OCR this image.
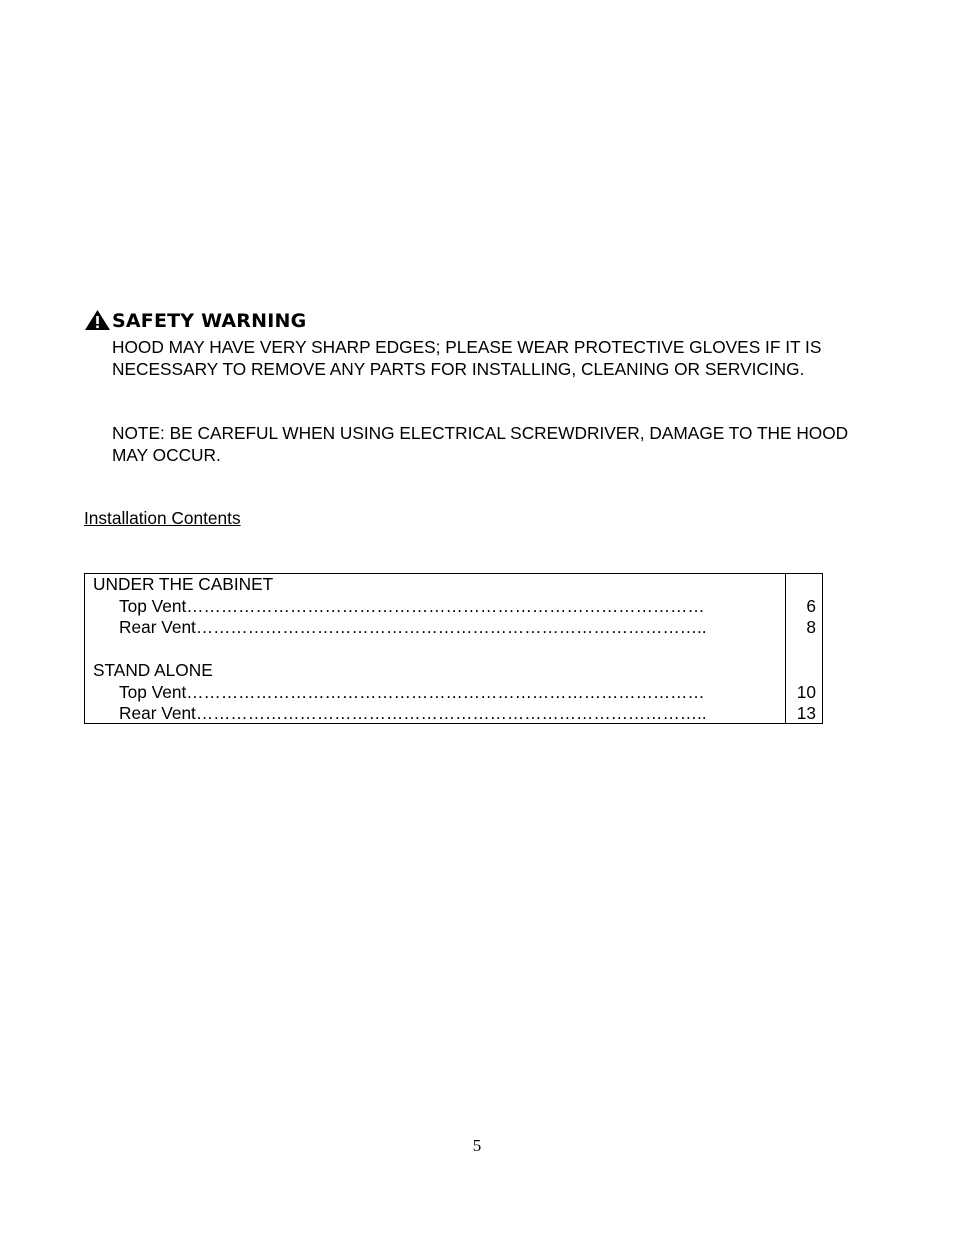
SAFETY WARNING

HOOD MAY HAVE VERY SHARP EDGES; PLEASE WEAR PROTECTIVE GLOVES IF IT IS NECESSARY TO REMOVE ANY PARTS FOR INSTALLING, CLEANING OR SERVICING.

NOTE: BE CAREFUL WHEN USING ELECTRICAL SCREWDRIVER, DAMAGE TO THE HOOD MAY OCCUR.

Installation Contents
UNDER THE CABINET
Top Vent………………………………………………………………………………	6
Rear Vent……………………………………………………………………………..	8
STAND ALONE
Top Vent………………………………………………………………………………	10
Rear Vent……………………………………………………………………………..	13
5
